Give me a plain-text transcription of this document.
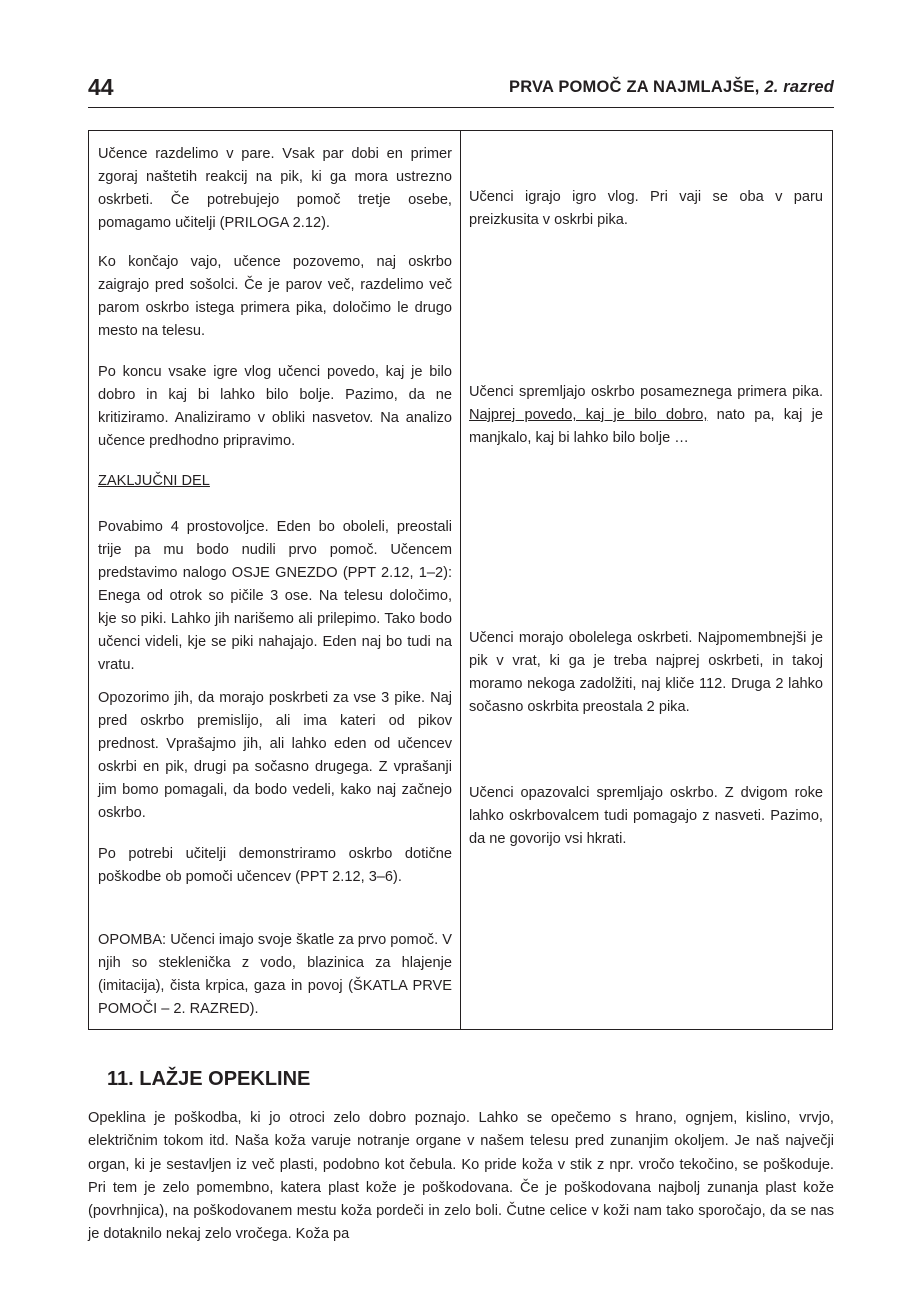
44	PRVA POMOČ ZA NAJMLAJŠE, 2. razred

Učence razdelimo v pare. Vsak par dobi en primer zgoraj naštetih reakcij na pik, ki ga mora ustrezno oskrbeti. Če potrebujejo pomoč tretje osebe, pomagamo učitelji (PRILOGA 2.12).

Ko končajo vajo, učence pozovemo, naj oskrbo zaigrajo pred sošolci. Če je parov več, razdelimo več parom oskrbo istega primera pika, določimo le drugo mesto na telesu.

Po koncu vsake igre vlog učenci povedo, kaj je bilo dobro in kaj bi lahko bilo bolje. Pazimo, da ne kritiziramo. Analiziramo v obliki nasvetov. Na analizo učence predhodno pripravimo.

ZAKLJUČNI DEL

Povabimo 4 prostovoljce. Eden bo oboleli, preostali trije pa mu bodo nudili prvo pomoč. Učencem predstavimo nalogo OSJE GNEZDO (PPT 2.12, 1–2): Enega od otrok so pičile 3 ose. Na telesu določimo, kje so piki. Lahko jih narišemo ali prilepimo. Tako bodo učenci videli, kje se piki nahajajo. Eden naj bo tudi na vratu.

Opozorimo jih, da morajo poskrbeti za vse 3 pike. Naj pred oskrbo premislijo, ali ima kateri od pikov prednost. Vprašajmo jih, ali lahko eden od učencev oskrbi en pik, drugi pa sočasno drugega. Z vprašanji jim bomo pomagali, da bodo vedeli, kako naj začnejo oskrbo.

Po potrebi učitelji demonstriramo oskrbo dotične poškodbe ob pomoči učencev (PPT 2.12, 3–6).

OPOMBA: Učenci imajo svoje škatle za prvo pomoč. V njih so steklenička z vodo, blazinica za hlajenje (imitacija), čista krpica, gaza in povoj (ŠKATLA PRVE POMOČI – 2. RAZRED).

Učenci igrajo igro vlog. Pri vaji se oba v paru preizkusita v oskrbi pika.

Učenci spremljajo oskrbo posameznega primera pika. Najprej povedo, kaj je bilo dobro, nato pa, kaj je manjkalo, kaj bi lahko bilo bolje …

Učenci morajo obolelega oskrbeti. Najpomembnejši je pik v vrat, ki ga je treba najprej oskrbeti, in takoj moramo nekoga zadolžiti, naj kliče 112. Druga 2 lahko sočasno oskrbita preostala 2 pika.

Učenci opazovalci spremljajo oskrbo. Z dvigom roke lahko oskrbovalcem tudi pomagajo z nasveti. Pazimo, da ne govorijo vsi hkrati.

11. LAŽJE OPEKLINE

Opeklina je poškodba, ki jo otroci zelo dobro poznajo. Lahko se opečemo s hrano, ognjem, kislino, vrvjo, električnim tokom itd. Naša koža varuje notranje organe v našem telesu pred zunanjim okoljem. Je naš največji organ, ki je sestavljen iz več plasti, podobno kot čebula. Ko pride koža v stik z npr. vročo tekočino, se poškoduje. Pri tem je zelo pomembno, katera plast kože je poškodovana. Če je poškodovana najbolj zunanja plast kože (povrhnjica), na poškodovanem mestu koža pordeči in zelo boli. Čutne celice v koži nam tako sporočajo, da se nas je dotaknilo nekaj zelo vročega. Koža pa
